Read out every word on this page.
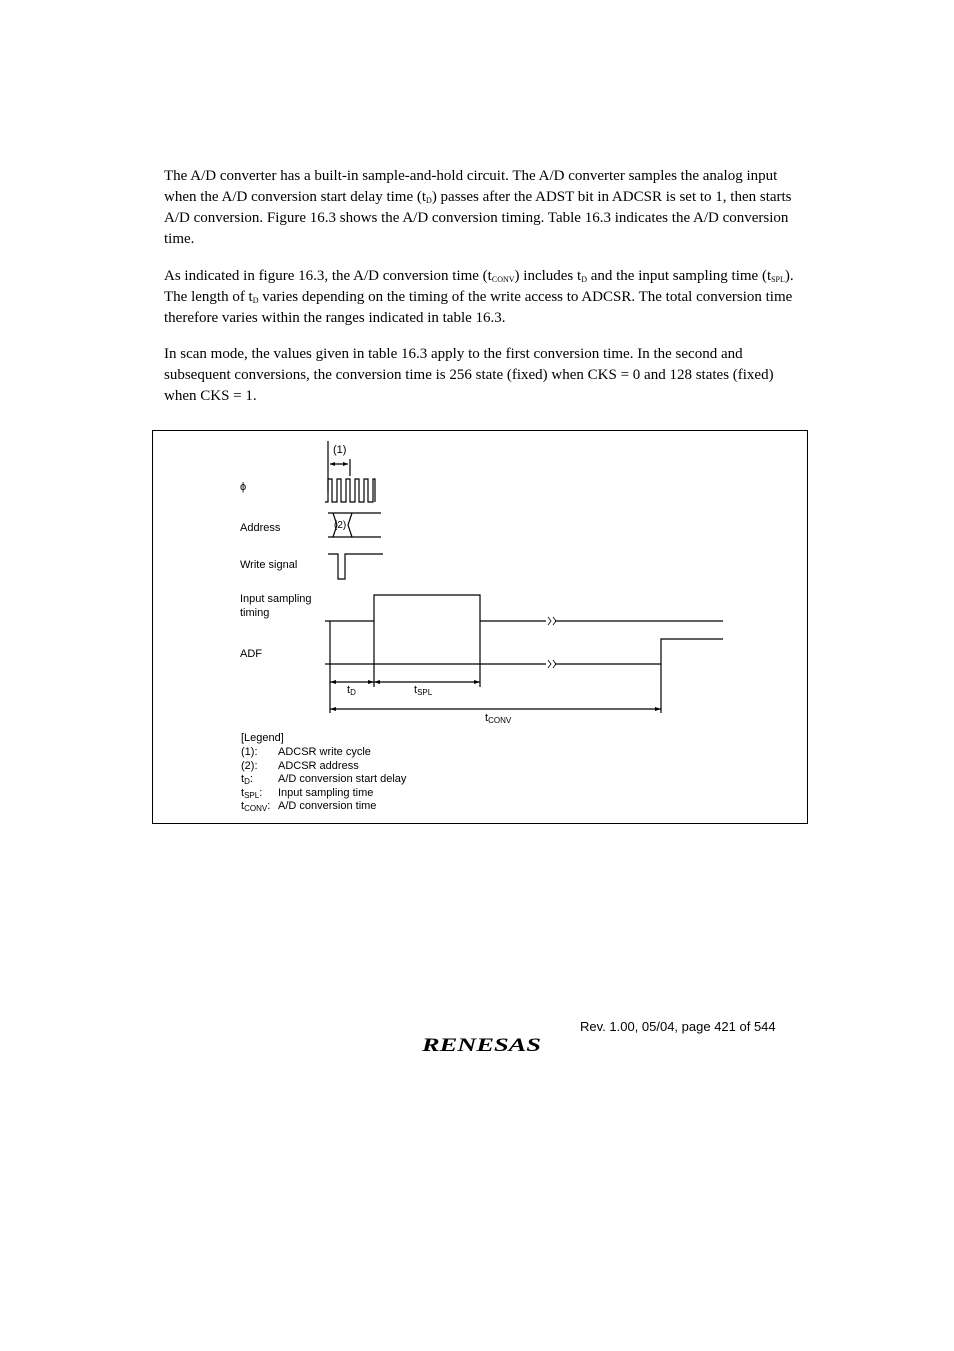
The A/D converter has a built-in sample-and-hold circuit. The A/D converter samples the analog input when the A/D conversion start delay time $(t_D)$ passes after the ADST bit in ADCSR is set to 1, then starts A/D conversion. Figure 16.3 shows the A/D conversion timing. Table 16.3 indicates the A/D conversion time.

As indicated in figure 16.3, the A/D conversion time $(t_{CONV})$ includes $t_D$ and the input sampling time $(t_{SPL})$. The length of $t_D$ varies depending on the timing of the write access to ADCSR. The total conversion time therefore varies within the ranges indicated in table 16.3.

In scan mode, the values given in table 16.3 apply to the first conversion time. In the second and subsequent conversions, the conversion time is 256 state (fixed) when CKS = 0 and 128 states (fixed) when CKS = 1.

ϕ
Address
Write signal
Input sampling
timing
ADF
(1)
(2)
tD	tSPL
tCONV
[Legend]
(1): ADCSR write cycle
(2): ADCSR address
tD: A/D conversion start delay
tSPL: Input sampling time
tCONV: A/D conversion time
Rev. 1.00, 05/04, page 421 of 544
RENESAS
